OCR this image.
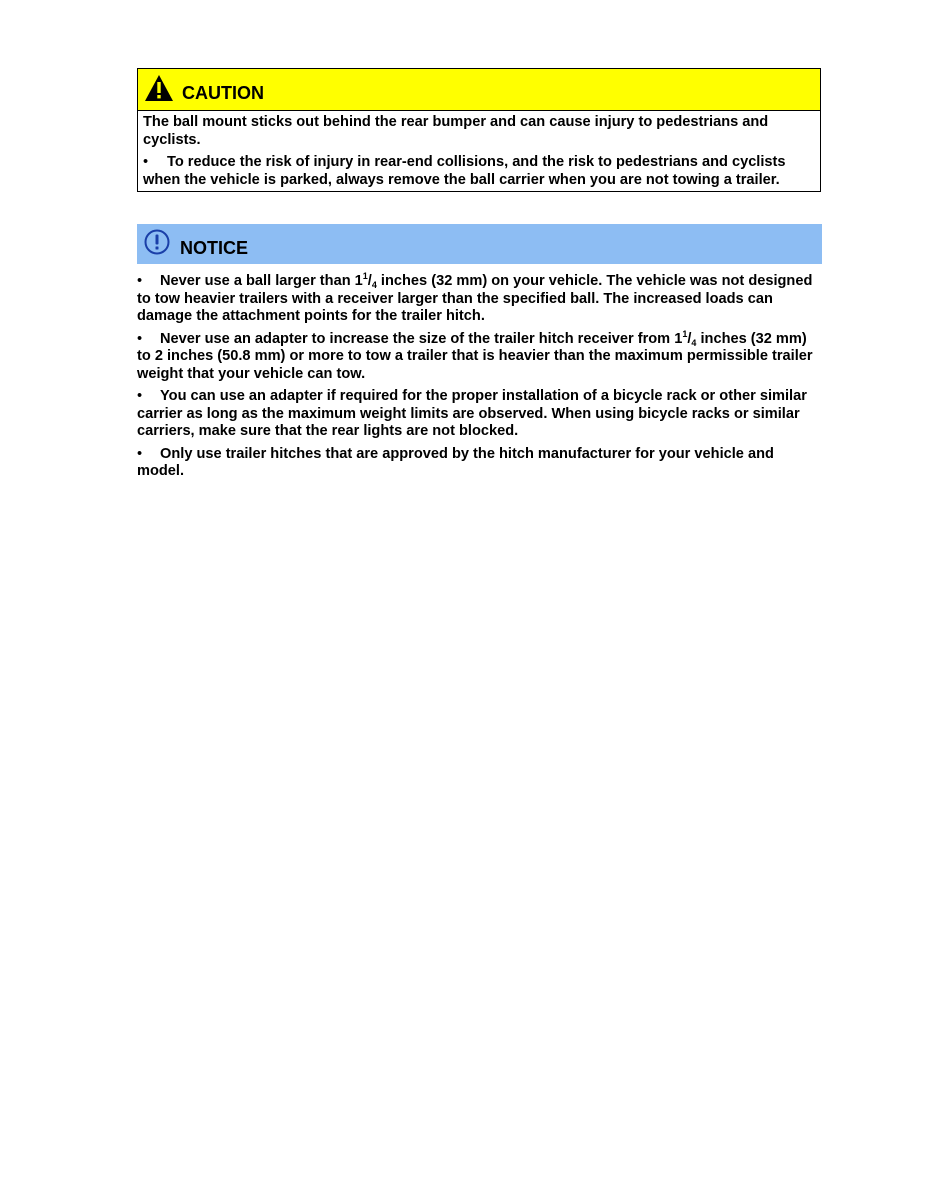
CAUTION

The ball mount sticks out behind the rear bumper and can cause injury to pedestrians and cyclists.

• To reduce the risk of injury in rear-end collisions, and the risk to pedestrians and cyclists when the vehicle is parked, always remove the ball carrier when you are not towing a trailer.

NOTICE

• Never use a ball larger than $1^1/_4$ inches (32 mm) on your vehicle. The vehicle was not designed to tow heavier trailers with a receiver larger than the specified ball. The increased loads can damage the attachment points for the trailer hitch.

• Never use an adapter to increase the size of the trailer hitch receiver from $1^1/_4$ inches (32 mm) to 2 inches (50.8 mm) or more to tow a trailer that is heavier than the maximum permissible trailer weight that your vehicle can tow.

• You can use an adapter if required for the proper installation of a bicycle rack or other similar carrier as long as the maximum weight limits are observed. When using bicycle racks or similar carriers, make sure that the rear lights are not blocked.

• Only use trailer hitches that are approved by the hitch manufacturer for your vehicle and model.
